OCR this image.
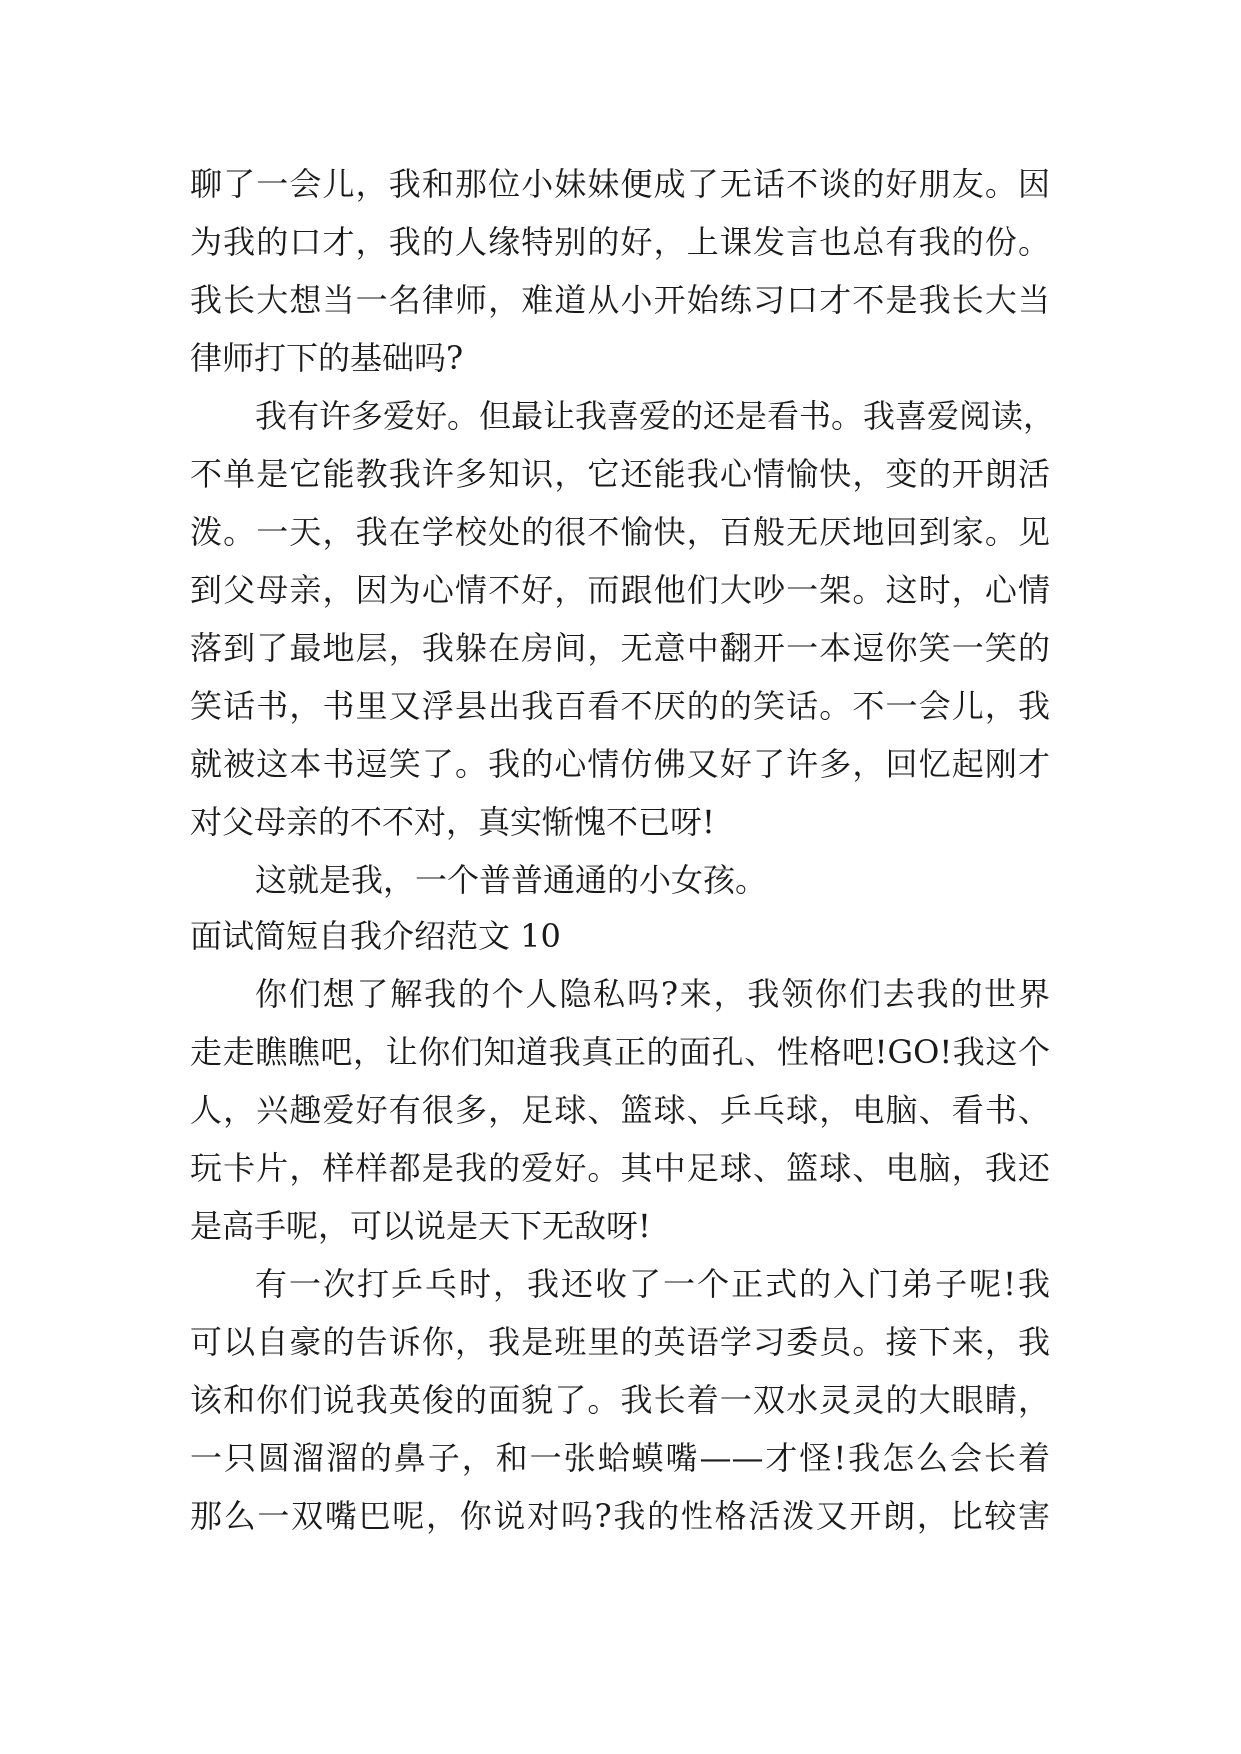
聊了一会儿，我和那位小妹妹便成了无话不谈的好朋友。因
为我的口才，我的人缘特别的好，上课发言也总有我的份。
我长大想当一名律师，难道从小开始练习口才不是我长大当
律师打下的基础吗?
我有许多爱好。但最让我喜爱的还是看书。我喜爱阅读，
不单是它能教我许多知识，它还能我心情愉快，变的开朗活
泼。一天，我在学校处的很不愉快，百般无厌地回到家。见
到父母亲，因为心情不好，而跟他们大吵一架。这时，心情
落到了最地层，我躲在房间，无意中翻开一本逗你笑一笑的
笑话书，书里又浮县出我百看不厌的的笑话。不一会儿，我
就被这本书逗笑了。我的心情仿佛又好了许多，回忆起刚才
对父母亲的不不对，真实惭愧不已呀!
这就是我，一个普普通通的小女孩。
面试简短自我介绍范文 10
你们想了解我的个人隐私吗?来，我领你们去我的世界
走走瞧瞧吧，让你们知道我真正的面孔、性格吧!GO!我这个
人，兴趣爱好有很多，足球、篮球、乒乓球，电脑、看书、
玩卡片，样样都是我的爱好。其中足球、篮球、电脑，我还
是高手呢，可以说是天下无敌呀!
有一次打乒乓时，我还收了一个正式的入门弟子呢!我
可以自豪的告诉你，我是班里的英语学习委员。接下来，我
该和你们说我英俊的面貌了。我长着一双水灵灵的大眼睛，
一只圆溜溜的鼻子，和一张蛤蟆嘴——才怪!我怎么会长着
那么一双嘴巴呢，你说对吗?我的性格活泼又开朗，比较害
